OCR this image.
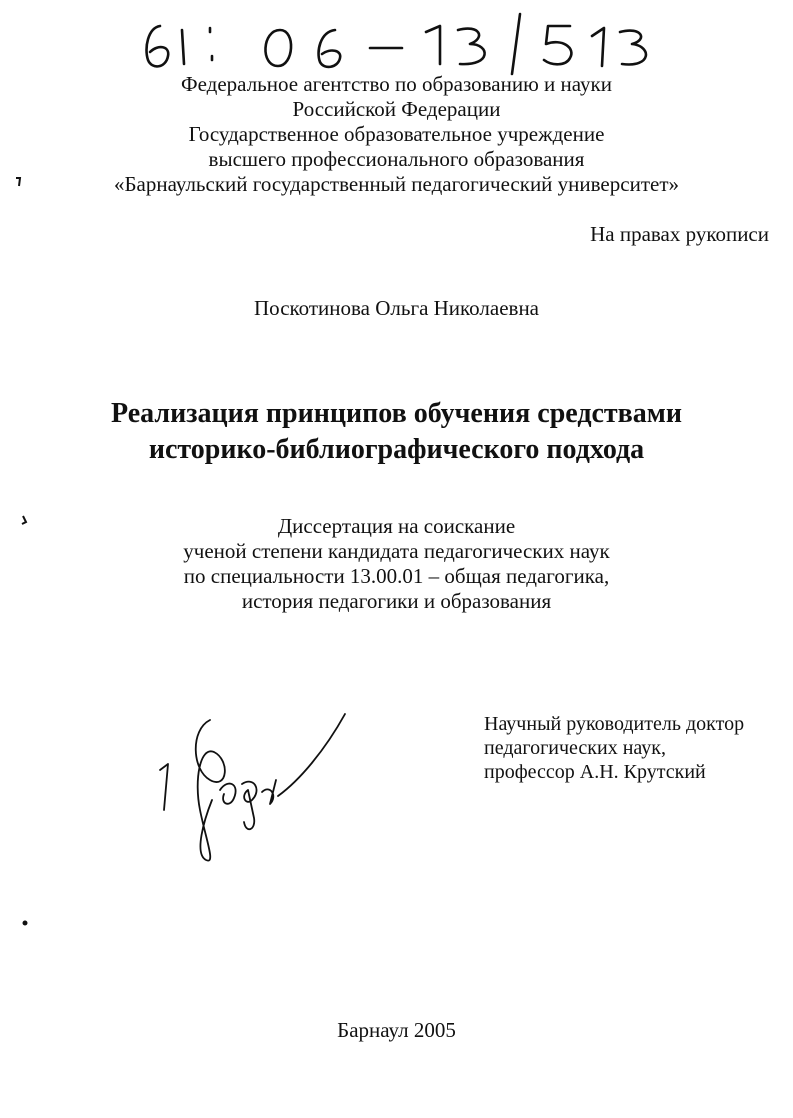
Федеральное агентство по образованию и науки
Российской Федерации
Государственное образовательное учреждение
высшего профессионального образования
«Барнаульский государственный педагогический университет»
На правах рукописи
Поскотинова Ольга Николаевна
Реализация принципов обучения средствами
историко-библиографического подхода
Диссертация на соискание
ученой степени кандидата педагогических наук
по специальности 13.00.01 – общая педагогика,
история педагогики и образования
Научный руководитель доктор
педагогических наук,
профессор А.Н. Крутский
Барнаул 2005
